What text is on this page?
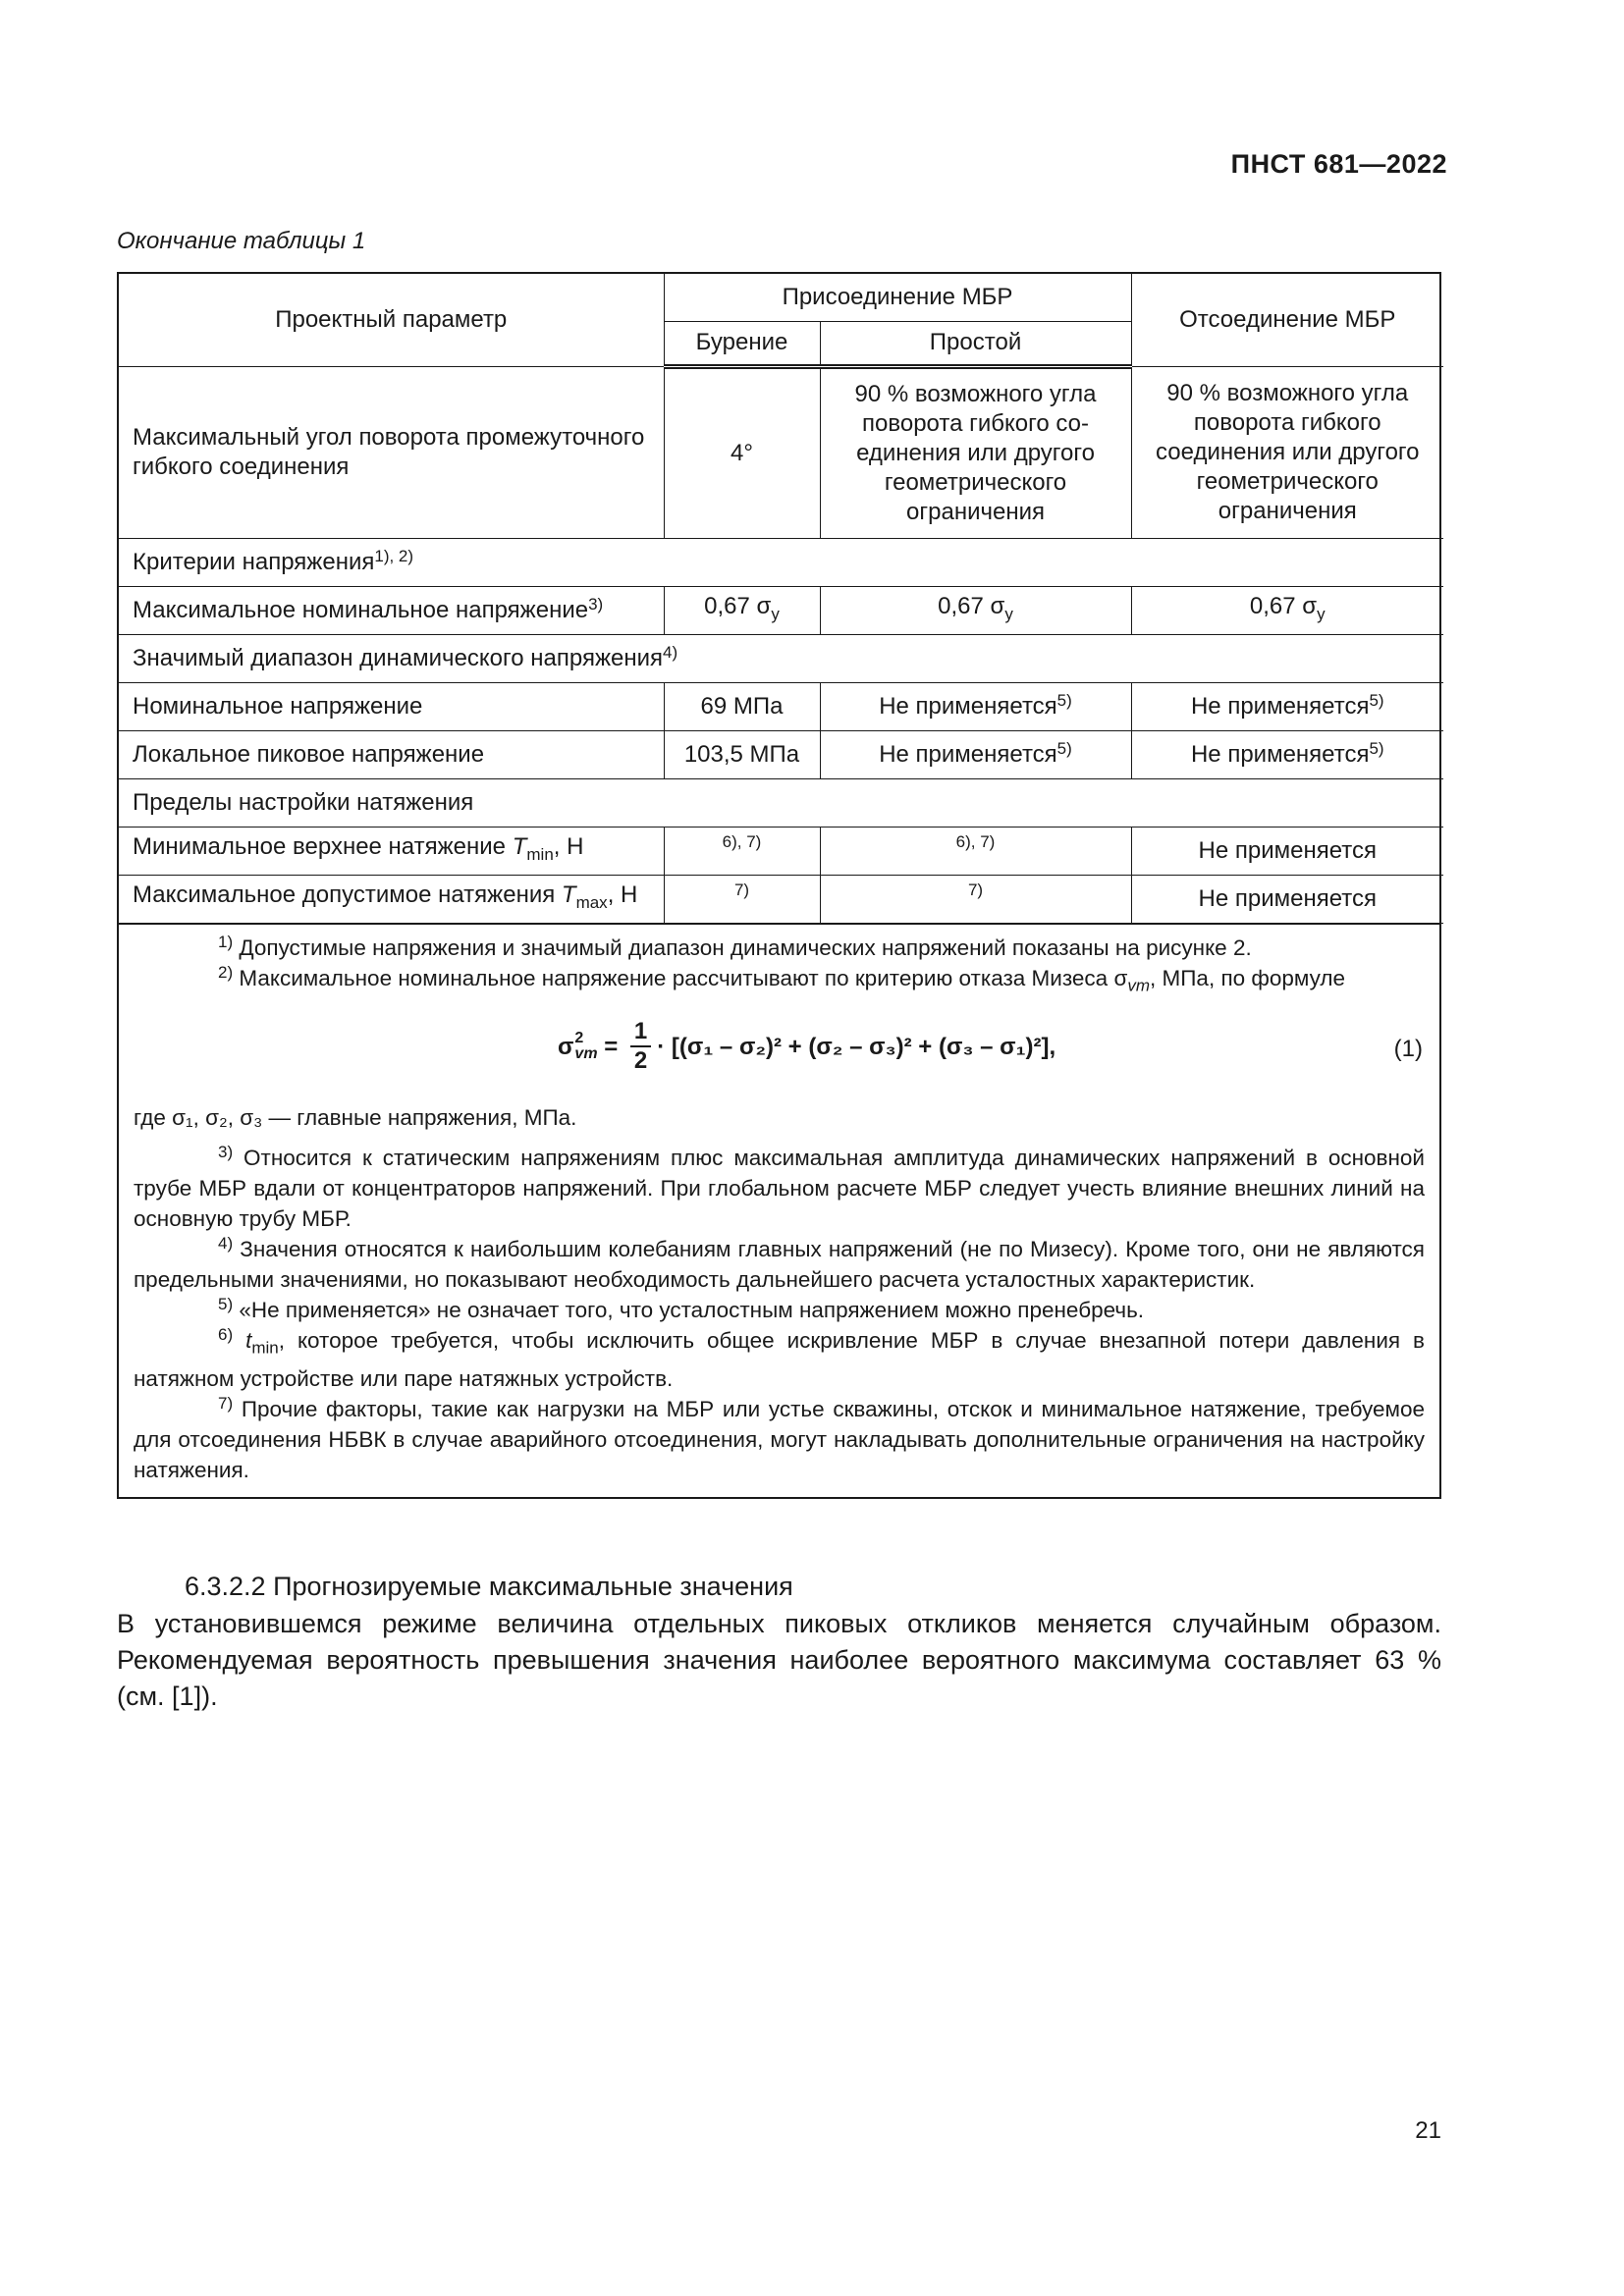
ПНСТ 681—2022
Окончание таблицы 1
Проектный параметр	Присоединение МБР		Отсоединение МБР
	Бурение	Простой	
Максимальный угол поворота промежуточного гибкого соединения	4°	90 % возможного угла поворота гибкого со-единения или другого геометрического ограничения	90 % возможного угла поворота гибкого соединения или другого геометрического ограничения
Критерии напряжения$^{1), 2)}$
Максимальное номинальное напряжение$^{3)}$	0,67 $\sigma_y$	0,67 $\sigma_y$	0,67 $\sigma_y$
Значимый диапазон динамического напряжения$^{4)}$
Номинальное напряжение	69 МПа	Не применяется$^{5)}$	Не применяется$^{5)}$
Локальное пиковое напряжение	103,5 МПа	Не применяется$^{5)}$	Не применяется$^{5)}$
Пределы настройки натяжения			
Минимальное верхнее натяжение $T_{min}$, Н	$^{6), 7)}$	$^{6), 7)}$	Не применяется
Максимальное допустимое натяжения $T_{max}$, Н	$^{7)}$	$^{7)}$	Не применяется

$^{1)}$ Допустимые напряжения и значимый диапазон динамических напряжений показаны на рисунке 2.

$^{2)}$ Максимальное номинальное напряжение рассчитывают по критерию отказа Мизеса $\sigma_{vm}$, МПа, по формуле

σ 2
vm = $\frac{1}{2} \cdot [(\sigma_1 - \sigma_2)^2 + (\sigma_2 - \sigma_3)^2 + (\sigma_3 - \sigma_1)^2]$,	(1)

где σ₁, σ₂, σ₃ — главные напряжения, МПа.

$^{3)}$ Относится к статическим напряжениям плюс максимальная амплитуда динамических напряжений в основной трубе МБР вдали от концентраторов напряжений. При глобальном расчете МБР следует учесть влияние внешних линий на основную трубу МБР.

$^{4)}$ Значения относятся к наибольшим колебаниям главных напряжений (не по Мизесу). Кроме того, они не являются предельными значениями, но показывают необходимость дальнейшего расчета усталостных характеристик.

$^{5)}$ «Не применяется» не означает того, что усталостным напряжением можно пренебречь.

$^{6)}$ $t_{min}$, которое требуется, чтобы исключить общее искривление МБР в случае внезапной потери давления в натяжном устройстве или паре натяжных устройств.

$^{7)}$ Прочие факторы, такие как нагрузки на МБР или устье скважины, отскок и минимальное натяжение, требуемое для отсоединения НБВК в случае аварийного отсоединения, могут накладывать дополнительные ограничения на настройку натяжения.

6.3.2.2 Прогнозируемые максимальные значения
В установившемся режиме величина отдельных пиковых откликов меняется случайным образом. Рекомендуемая вероятность превышения значения наиболее вероятного максимума составляет 63 % (см. [1]).
21
